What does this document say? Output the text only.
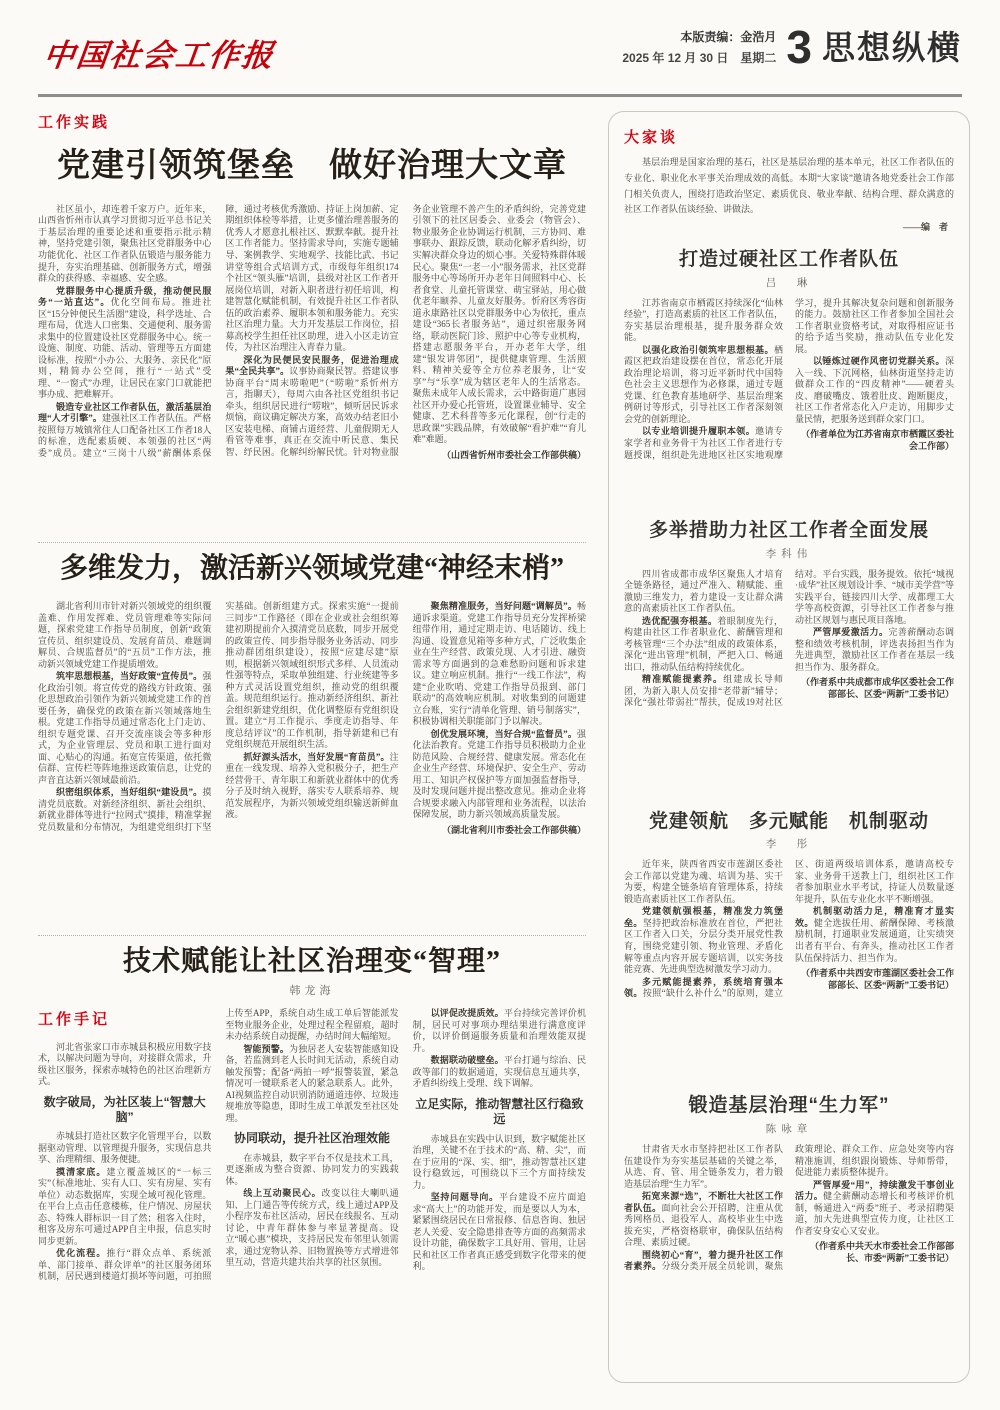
中国社会工作报
本版责编：金浩月
2025 年 12 月 30 日　星期二 3 思想纵横
工作实践
党建引领筑堡垒　做好治理大文章

社区虽小，却连着千家万户。近年来，山西省忻州市认真学习贯彻习近平总书记关于基层治理的重要论述和重要指示批示精神，坚持党建引领，聚焦社区党群服务中心功能优化、社区工作者队伍锻造与服务能力提升，夯实治理基础、创新服务方式，增强群众的获得感、幸福感、安全感。

党群服务中心提质升级，推动便民服务“一站直达”。优化空间布局。推进社区“15分钟便民生活圈”建设，科学选址、合理布局，优选人口密集、交通便利、服务需求集中的位置建设社区党群服务中心。统一设施、制度、功能、活动、管理等五方面建设标准，按照“小办公、大服务、亲民化”原则，精简办公空间，推行“一站式”受理、“一窗式”办理，让居民在家门口就能把事办成、把难解开。

锻造专业社区工作者队伍，激活基层治理“人才引擎”。建强社区工作者队伍。严格按照每万城镇常住人口配备社区工作者18人的标准，选配素质硬、本领强的社区“两委”成员。建立“三岗十八级”薪酬体系保障，通过考核优秀激励、持证上岗加薪、定期组织体检等举措，让更多懂治理善服务的优秀人才愿意扎根社区、默默奉献。提升社区工作者能力。坚持需求导向，实施专题辅导、案例教学、实地观学、技能比武、书记讲堂等组合式培训方式，市级每年组织174个社区“领头雁”培训，县级对社区工作者开展岗位培训，对新入职者进行初任培训，构建智慧化赋能机制，有效提升社区工作者队伍的政治素养、履职本领和服务能力。充实社区治理力量。大力开发基层工作岗位，招募高校学生担任社区助理，进入小区走访宣传，为社区治理注入青春力量。

深化为民便民安民服务，促进治理成果“全民共享”。议事协商聚民智。搭建议事协商平台“周末唠啦吧”（“唠啦”系忻州方言，指聊天），每周六由各社区党组织书记牵头，组织居民进行“唠啦”，倾听居民诉求烦恼，商议确定解决方案，高效办结老旧小区安装电梯、商铺占道经营、儿童假期无人看管等难事，真正在交流中听民意、集民智、纾民困。化解纠纷解民忧。针对物业服务企业管理不善产生的矛盾纠纷，完善党建引领下的社区居委会、业委会（物管会）、物业服务企业协调运行机制，三方协同、难事联办、跟踪反馈，联动化解矛盾纠纷，切实解决群众身边的烦心事。关爱特殊群体暖民心。聚焦“一老一小”服务需求，社区党群服务中心等场所开办老年日间照料中心、长者食堂、儿童托管课堂、萌宝驿站，用心做优老年颐养、儿童友好服务。忻府区秀容街道永康路社区以党群服务中心为依托，重点建设“365长者服务站”，通过织密服务网络，联动医院门诊、照护中心等专业机构，搭建志愿服务平台，开办老年大学，组建“银发讲邻团”，提供健康管理、生活照料、精神关爱等全方位养老服务，让“安享”与“乐享”成为辖区老年人的生活常态。聚焦未成年人成长需求，云中路街道广惠园社区开办爱心托管班，设置课业辅导、安全健康、艺术科普等多元化课程，创“行走的思政课”实践品牌，有效破解“看护难”“育儿难”难题。

（山西省忻州市委社会工作部供稿）

多维发力，激活新兴领域党建“神经末梢”

湖北省利川市针对新兴领域党的组织覆盖难、作用发挥难、党员管理难等实际问题，探索党建工作指导员制度，创新“政策宣传员、组织建设员、发展育苗员、难题调解员、合规监督员”的“五员”工作方法，推动新兴领域党建工作提质增效。

筑牢思想根基，当好政策“宣传员”。强化政治引领。将宣传党的路线方针政策、强化思想政治引领作为新兴领域党建工作的首要任务，确保党的政策在新兴领域落地生根。党建工作指导员通过常态化上门走访、组织专题党课、召开交流座谈会等多种形式，为企业管理层、党员和职工进行面对面、心贴心的沟通。拓宽宣传渠道，依托微信群、宣传栏等阵地推送政策信息，让党的声音直达新兴领域最前沿。

织密组织体系，当好组织“建设员”。摸清党员底数。对新经济组织、新社会组织、新就业群体等进行“拉网式”摸排，精准掌握党员数量和分布情况，为组建党组织打下坚实基础。创新组建方式。探索实施“一提前三同步”工作路径（即在企业或社会组织筹建初期提前介入摸清党员底数，同步开展党的政策宣传、同步指导服务业务活动、同步推动群团组织建设），按照“应建尽建”原则，根据新兴领域组织形式多样、人员流动性强等特点，采取单独组建、行业统建等多种方式灵活设置党组织，推动党的组织覆盖。规范组织运行。推动新经济组织、新社会组织新建党组织，优化调整原有党组织设置。建立“月工作提示、季度走访指导、年度总结评议”的工作机制，指导新建和已有党组织规范开展组织生活。

抓好源头活水，当好发展“育苗员”。注重在一线发现、培养入党积极分子，把生产经营骨干、青年职工和新就业群体中的优秀分子及时纳入视野，落实专人联系培养、规范发展程序，为新兴领域党组织输送新鲜血液。

聚焦精准服务，当好问题“调解员”。畅通诉求渠道。党建工作指导员充分发挥桥梁纽带作用，通过定期走访、电话随访、线上沟通、设置意见箱等多种方式，广泛收集企业在生产经营、政策兑现、人才引进、融资需求等方面遇到的急难愁盼问题和诉求建议。建立响应机制。推行“一线工作法”，构建“企业吹哨、党建工作指导员报到、部门联动”的高效响应机制。对收集到的问题建立台账，实行“清单化管理、销号制落实”，积极协调相关职能部门予以解决。

创优发展环境，当好合规“监督员”。强化法治教育。党建工作指导员积极助力企业防范风险、合规经营、健康发展。常态化在企业生产经营、环境保护、安全生产、劳动用工、知识产权保护等方面加强监督指导，及时发现问题并提出整改意见。推动企业将合规要求融入内部管理和业务流程，以法治保障发展，助力新兴领域高质量发展。

（湖北省利川市委社会工作部供稿）

技术赋能让社区治理变“智理”
韩龙海
工作手记

河北省张家口市赤城县积极应用数字技术，以解决问题为导向，对接群众需求，升级社区服务，探索赤城特色的社区治理新方式。

数字破局，为社区装上“智慧大脑”

赤城县打造社区数字化管理平台，以数据驱动管理、以管理提升服务，实现信息共享、治理精细、服务便捷。

摸清家底。建立覆盖城区的“一标三实”（标准地址、实有人口、实有房屋、实有单位）动态数据库，实现全域可视化管理。在平台上点击任意楼栋，住户情况、房屋状态、特殊人群标识一目了然；租客入住时，租客及房东可通过APP自主申报，信息实时同步更新。

优化流程。推行“群众点单、系统派单、部门接单、群众评单”的社区服务闭环机制，居民遇到楼道灯损坏等问题，可拍照上传至APP，系统自动生成工单后智能派发至物业服务企业，处理过程全程留痕，超时未办结系统自动提醒，办结时间大幅缩短。

智能预警。为独居老人安装智能感知设备，若监测到老人长时间无活动，系统自动触发预警；配备“两拍一呼”报警装置，紧急情况可一键联系老人的紧急联系人。此外，AI视频监控自动识别消防通道违停、垃圾违规堆放等隐患，即时生成工单派发至社区处理。

协同联动，提升社区治理效能

在赤城县，数字平台不仅是技术工具，更逐渐成为整合资源、协同发力的实践载体。

线上互动聚民心。改变以往大喇叭通知、上门通告等传统方式，线上通过APP及小程序发布社区活动，居民在线报名、互动讨论，中青年群体参与率显著提高。设立“暖心惠”模块，支持居民发布邻里认领需求，通过宠物认养、旧物置换等方式增进邻里互动，营造共建共治共享的社区氛围。

以评促改提质效。平台持续完善评价机制，居民可对事项办理结果进行满意度评价，以评价倒逼服务质量和治理效能双提升。

数据联动破壁垒。平台打通与综治、民政等部门的数据通道，实现信息互通共享，矛盾纠纷线上受理、线下调解。

立足实际，推动智慧社区行稳致远

赤城县在实践中认识到，数字赋能社区治理，关键不在于技术的“高、精、尖”，而在于应用的“深、实、细”，推动智慧社区建设行稳致远，可围绕以下三个方面持续发力。

坚持问题导向。平台建设不应片面追求“高大上”的功能开发，而是要以人为本，紧紧围绕居民在日常报修、信息咨询、独居老人关爱、安全隐患排查等方面的高频需求设计功能，确保数字工具好用、管用，让居民和社区工作者真正感受到数字化带来的便利。

大家谈

基层治理是国家治理的基石，社区是基层治理的基本单元，社区工作者队伍的专业化、职业化水平事关治理成效的高低。本期“大家谈”邀请各地党委社会工作部门相关负责人，围绕打造政治坚定、素质优良、敬业奉献、结构合理、群众满意的社区工作者队伍谈经验、讲做法。

——编　者
打造过硬社区工作者队伍
吕　琳

江苏省南京市栖霞区持续深化“仙林经验”，打造高素质的社区工作者队伍，夯实基层治理根基，提升服务群众效能。

以强化政治引领筑牢思想根基。栖霞区把政治建设摆在首位，常态化开展政治理论培训，将习近平新时代中国特色社会主义思想作为必修课，通过专题党课、红色教育基地研学、基层治理案例研讨等形式，引导社区工作者深刻领会党的创新理论。

以专业培训提升履职本领。邀请专家学者和业务骨干为社区工作者进行专题授课，组织赴先进地区社区实地观摩学习，提升其解决复杂问题和创新服务的能力。鼓励社区工作者参加全国社会工作者职业资格考试，对取得相应证书的给予适当奖励，推动队伍专业化发展。

以锤炼过硬作风密切党群关系。深入一线、下沉网格，仙林街道坚持走访做群众工作的“四皮精神”——硬着头皮、磨破嘴皮、饿着肚皮、跑断腿皮，社区工作者常态化入户走访，用脚步丈量民情，把服务送到群众家门口。

（作者单位为江苏省南京市栖霞区委社会工作部）

多举措助力社区工作者全面发展
李科伟

四川省成都市成华区聚焦人才培育全链条路径，通过严准入、精赋能、重激励三维发力，着力建设一支让群众满意的高素质社区工作者队伍。

选优配强夯根基。着眼制度先行，构建由社区工作者职业化、薪酬管理和考核管理“三个办法”组成的政策体系，深化“进出管理”机制，严把入口、畅通出口，推动队伍结构持续优化。

精准赋能提素养。组建成长导师团，为新入职人员安排“老带新”辅导；深化“强社带弱社”帮扶，促成19对社区结对。平台实践，服务提效。依托“城视·成华”社区规划设计季、“城市美学营”等实践平台，链接四川大学、成都理工大学等高校资源，引导社区工作者参与推动社区规划与惠民项目落地。

严管厚爱激活力。完善薪酬动态调整和绩效考核机制，评选表扬担当作为先进典型，激励社区工作者在基层一线担当作为、服务群众。

（作者系中共成都市成华区委社会工作部部长、区委“两新”工委书记）

党建领航　多元赋能　机制驱动
李　彤

近年来，陕西省西安市莲湖区委社会工作部以党建为魂、培训为基、实干为要，构建全链条培育管理体系，持续锻造高素质社区工作者队伍。

党建领航强根基，精准发力筑堡垒。坚持把政治标准放在首位，严把社区工作者入口关，分层分类开展党性教育，围绕党建引领、物业管理、矛盾化解等重点内容开展专题培训，以实务技能竞赛、先进典型选树激发学习动力。

多元赋能提素养，系统培育强本领。按照“缺什么补什么”的原则，建立区、街道两级培训体系，邀请高校专家、业务骨干送教上门，组织社区工作者参加职业水平考试，持证人员数量逐年提升，队伍专业化水平不断增强。

机制驱动活力足，精准育才显实效。健全选拔任用、薪酬保障、考核激励机制，打通职业发展通道，让实绩突出者有平台、有奔头，推动社区工作者队伍保持活力、担当作为。

（作者系中共西安市莲湖区委社会工作部部长、区委“两新”工委书记）

锻造基层治理“生力军”
陈咏章

甘肃省天水市坚持把社区工作者队伍建设作为夯实基层基础的关键之举，从选、育、管、用全链条发力，着力锻造基层治理“生力军”。

拓宽来源“选”，不断壮大社区工作者队伍。面向社会公开招聘，注重从优秀网格员、退役军人、高校毕业生中选拔充实，严格资格联审，确保队伍结构合理、素质过硬。

围绕初心“育”，着力提升社区工作者素养。分级分类开展全员轮训，聚焦政策理论、群众工作、应急处突等内容精准施训，组织跟岗锻炼、导师帮带，促进能力素质整体提升。

严管厚爱“用”，持续激发干事创业活力。健全薪酬动态增长和考核评价机制，畅通进入“两委”班子、考录招聘渠道，加大先进典型宣传力度，让社区工作者安身安心又安业。

（作者系中共天水市委社会工作部部长、市委“两新”工委书记）
